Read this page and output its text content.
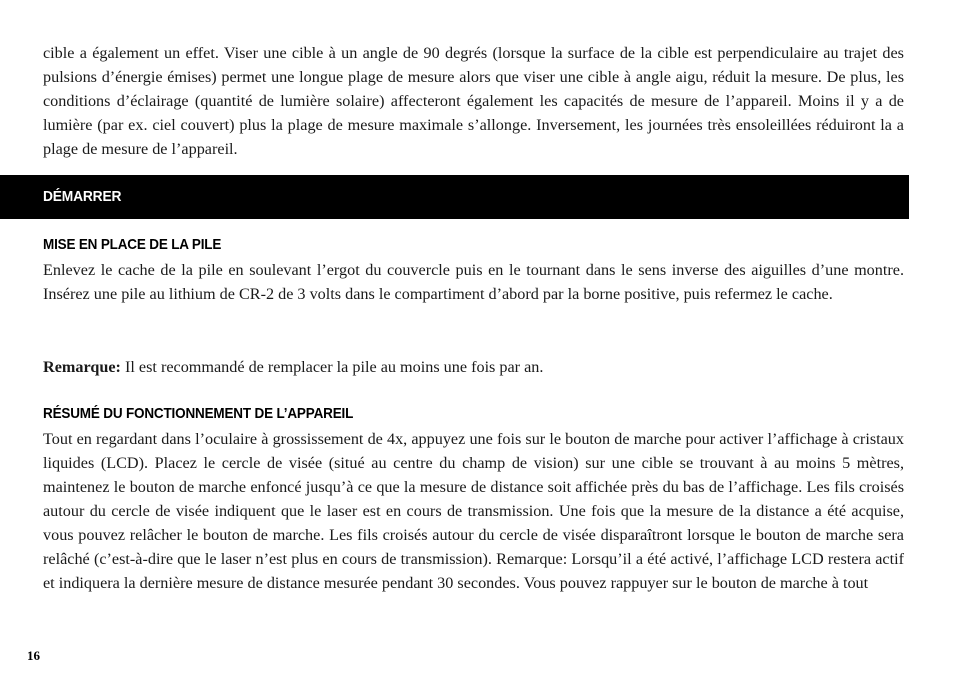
cible a également un effet. Viser une cible à un angle de 90 degrés (lorsque la surface de la cible est perpendiculaire au trajet des pulsions d’énergie émises) permet une longue plage de mesure alors que viser une cible à angle aigu, réduit la mesure. De plus, les conditions d’éclairage (quantité de lumière solaire) affecteront également les capacités de mesure de l’appareil. Moins il y a de lumière (par ex. ciel couvert) plus la plage de mesure maximale s’allonge. Inversement, les journées très ensoleillées réduiront la a plage de mesure de l’appareil.

DÉMARRER
MISE EN PLACE DE LA PILE

Enlevez le cache de la pile en soulevant l’ergot du couvercle puis en le tournant dans le sens inverse des aiguilles d’une montre. Insérez une pile au lithium de CR-2 de 3 volts dans le compartiment d’abord par la borne positive, puis refermez le cache.

Remarque: Il est recommandé de remplacer la pile au moins une fois par an.

RÉSUMÉ DU FONCTIONNEMENT DE L’APPAREIL

Tout en regardant dans l’oculaire à grossissement de 4x, appuyez une fois sur le bouton de marche pour activer l’affichage à cristaux liquides (LCD). Placez le cercle de visée (situé au centre du champ de vision) sur une cible se trouvant à au moins 5 mètres, maintenez le bouton de marche enfoncé jusqu’à ce que la mesure de distance soit affichée près du bas de l’affichage. Les fils croisés autour du cercle de visée indiquent que le laser est en cours de transmission. Une fois que la mesure de la distance a été acquise, vous pouvez relâcher le bouton de marche. Les fils croisés autour du cercle de visée disparaîtront lorsque le bouton de marche sera relâché (c’est-à-dire que le laser n’est plus en cours de transmission). Remarque: Lorsqu’il a été activé, l’affichage LCD restera actif et indiquera la dernière mesure de distance mesurée pendant 30 secondes. Vous pouvez rappuyer sur le bouton de marche à tout

16
